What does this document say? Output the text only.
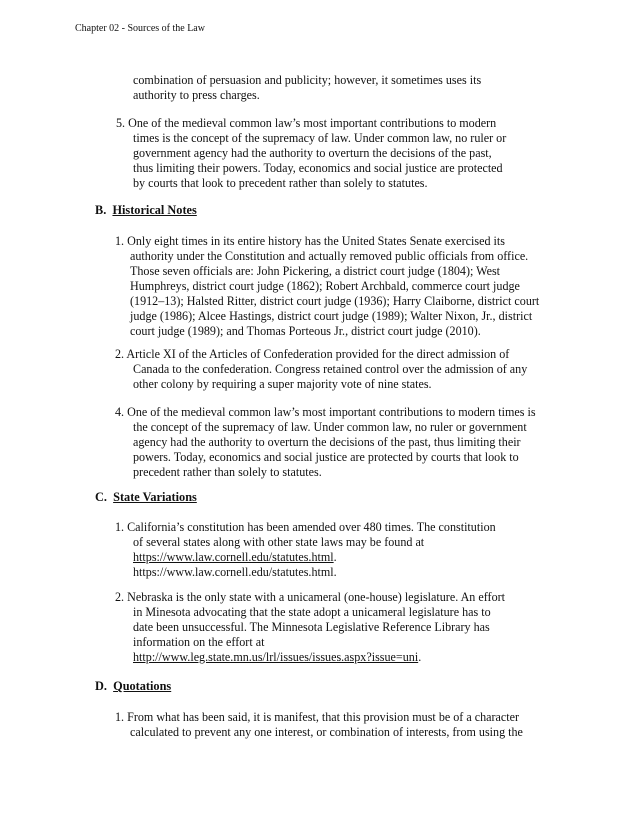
Chapter 02 - Sources of the Law
combination of persuasion and publicity; however, it sometimes uses its
authority to press charges.
5. One of the medieval common law’s most important contributions to modern
times is the concept of the supremacy of law. Under common law, no ruler or
government agency had the authority to overturn the decisions of the past,
thus limiting their powers. Today, economics and social justice are protected
by courts that look to precedent rather than solely to statutes.
B. Historical Notes
1. Only eight times in its entire history has the United States Senate exercised its
authority under the Constitution and actually removed public officials from office.
Those seven officials are: John Pickering, a district court judge (1804); West
Humphreys, district court judge (1862); Robert Archbald, commerce court judge
(1912–13); Halsted Ritter, district court judge (1936); Harry Claiborne, district court
judge (1986); Alcee Hastings, district court judge (1989); Walter Nixon, Jr., district
court judge (1989); and Thomas Porteous Jr., district court judge (2010).
2. Article XI of the Articles of Confederation provided for the direct admission of
Canada to the confederation. Congress retained control over the admission of any
other colony by requiring a super majority vote of nine states.
4. One of the medieval common law’s most important contributions to modern times is
the concept of the supremacy of law. Under common law, no ruler or government
agency had the authority to overturn the decisions of the past, thus limiting their
powers. Today, economics and social justice are protected by courts that look to
precedent rather than solely to statutes.
C. State Variations
1. California’s constitution has been amended over 480 times. The constitution
of several states along with other state laws may be found at
https://www.law.cornell.edu/statutes.html.
https://www.law.cornell.edu/statutes.html.
2. Nebraska is the only state with a unicameral (one-house) legislature. An effort
in Minesota advocating that the state adopt a unicameral legislature has to
date been unsuccessful. The Minnesota Legislative Reference Library has
information on the effort at
http://www.leg.state.mn.us/lrl/issues/issues.aspx?issue=uni.
D. Quotations
1. From what has been said, it is manifest, that this provision must be of a character
calculated to prevent any one interest, or combination of interests, from using the
